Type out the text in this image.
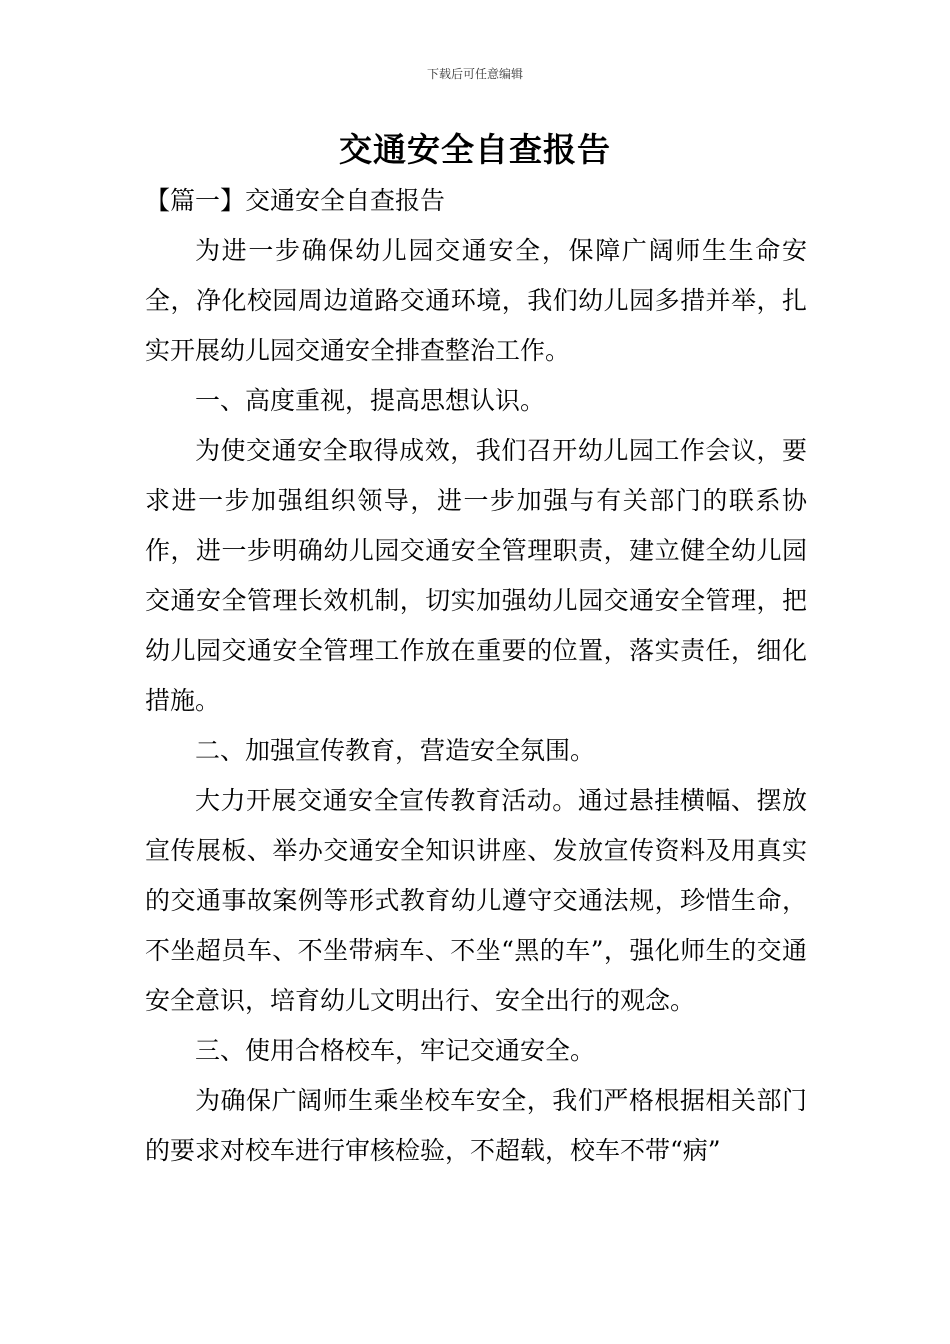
下载后可任意编辑
交通安全自查报告

【篇一】交通安全自查报告

为进一步确保幼儿园交通安全，保障广阔师生生命安全，净化校园周边道路交通环境，我们幼儿园多措并举，扎实开展幼儿园交通安全排查整治工作。

一、高度重视，提高思想认识。

为使交通安全取得成效，我们召开幼儿园工作会议，要求进一步加强组织领导，进一步加强与有关部门的联系协作，进一步明确幼儿园交通安全管理职责，建立健全幼儿园交通安全管理长效机制，切实加强幼儿园交通安全管理，把幼儿园交通安全管理工作放在重要的位置，落实责任，细化措施。

二、加强宣传教育，营造安全氛围。

大力开展交通安全宣传教育活动。通过悬挂横幅、摆放宣传展板、举办交通安全知识讲座、发放宣传资料及用真实的交通事故案例等形式教育幼儿遵守交通法规，珍惜生命，不坐超员车、不坐带病车、不坐“黑的车”，强化师生的交通安全意识，培育幼儿文明出行、安全出行的观念。

三、使用合格校车，牢记交通安全。

为确保广阔师生乘坐校车安全，我们严格根据相关部门的要求对校车进行审核检验，不超载，校车不带“病”
